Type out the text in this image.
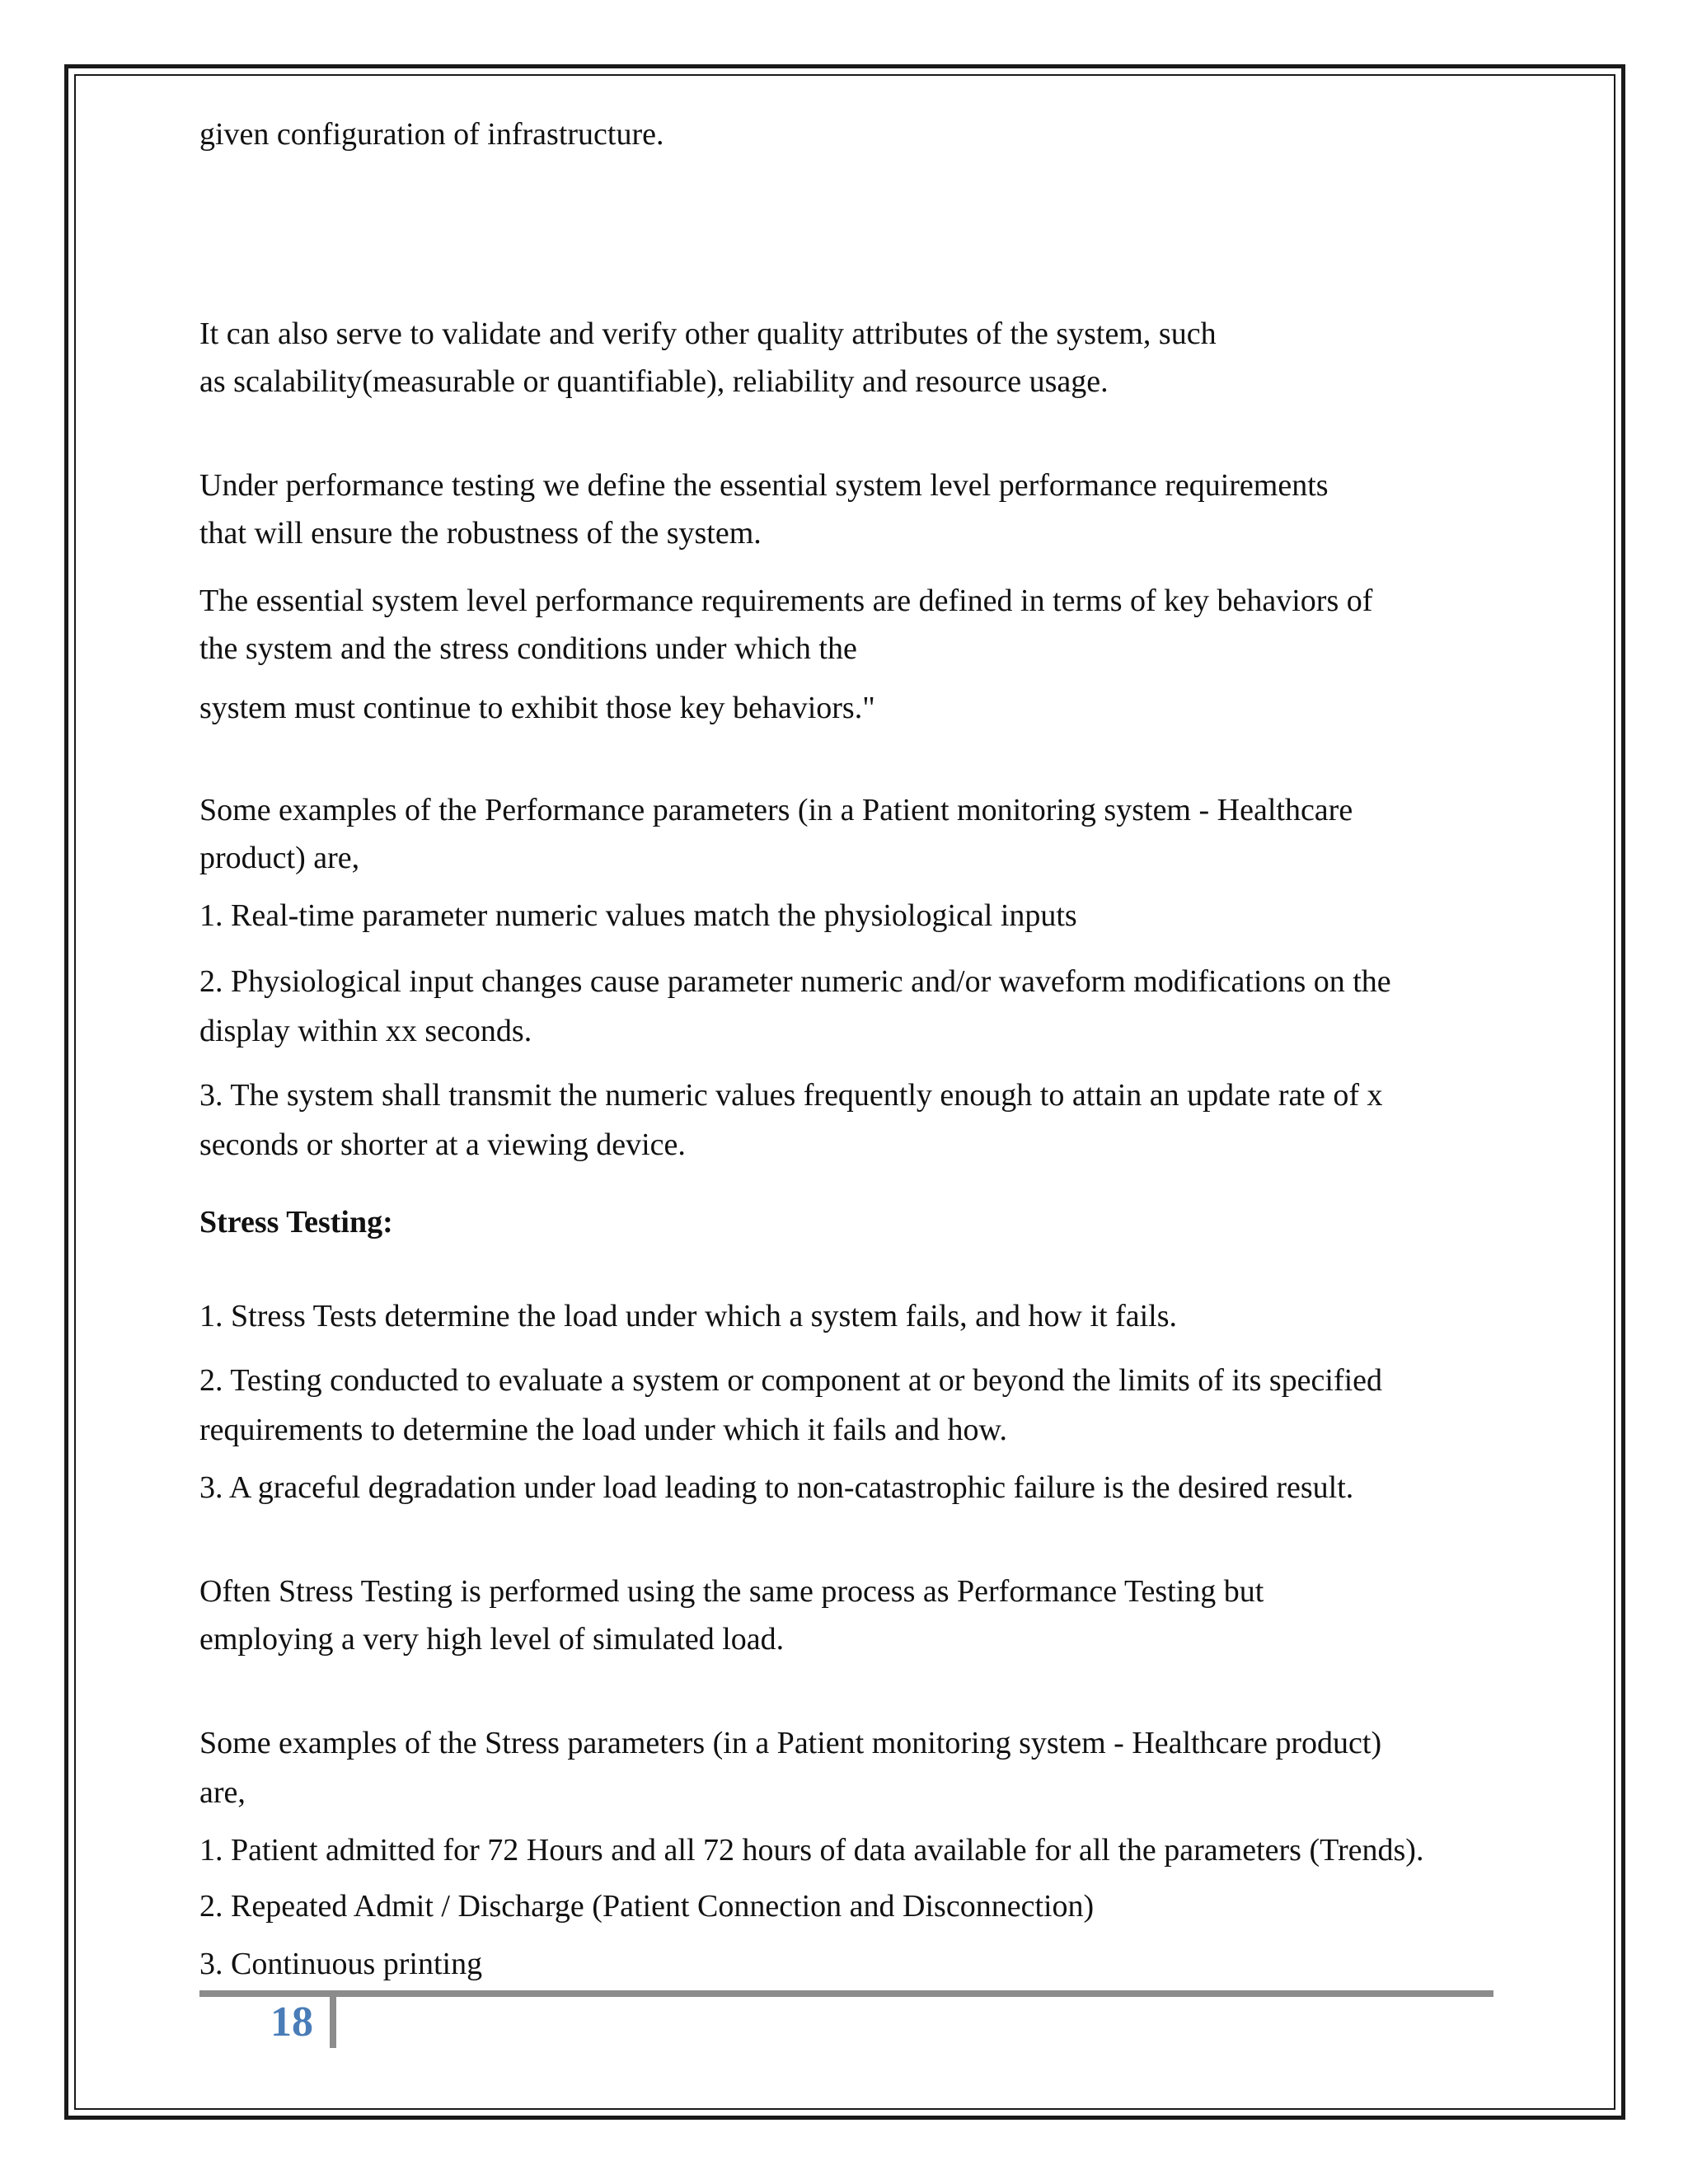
given configuration of infrastructure.

It can also serve to validate and verify other quality attributes of the system, such

as scalability(measurable or quantifiable), reliability and resource usage.

Under performance testing we define the essential system level performance requirements

that will ensure the robustness of the system.

The essential system level performance requirements are defined in terms of key behaviors of

the system and the stress conditions under which the

system must continue to exhibit those key behaviors."

Some examples of the Performance parameters (in a Patient monitoring system - Healthcare

product) are,

1. Real-time parameter numeric values match the physiological inputs

2. Physiological input changes cause parameter numeric and/or waveform modifications on the

display within xx seconds.

3. The system shall transmit the numeric values frequently enough to attain an update rate of x

seconds or shorter at a viewing device.

Stress Testing:

1. Stress Tests determine the load under which a system fails, and how it fails.

2. Testing conducted to evaluate a system or component at or beyond the limits of its specified

requirements to determine the load under which it fails and how.

3. A graceful degradation under load leading to non-catastrophic failure is the desired result.

Often Stress Testing is performed using the same process as Performance Testing but

employing a very high level of simulated load.

Some examples of the Stress parameters (in a Patient monitoring system - Healthcare product)

are,

1. Patient admitted for 72 Hours and all 72 hours of data available for all the parameters (Trends).

2. Repeated Admit / Discharge (Patient Connection and Disconnection)

3. Continuous printing

18
